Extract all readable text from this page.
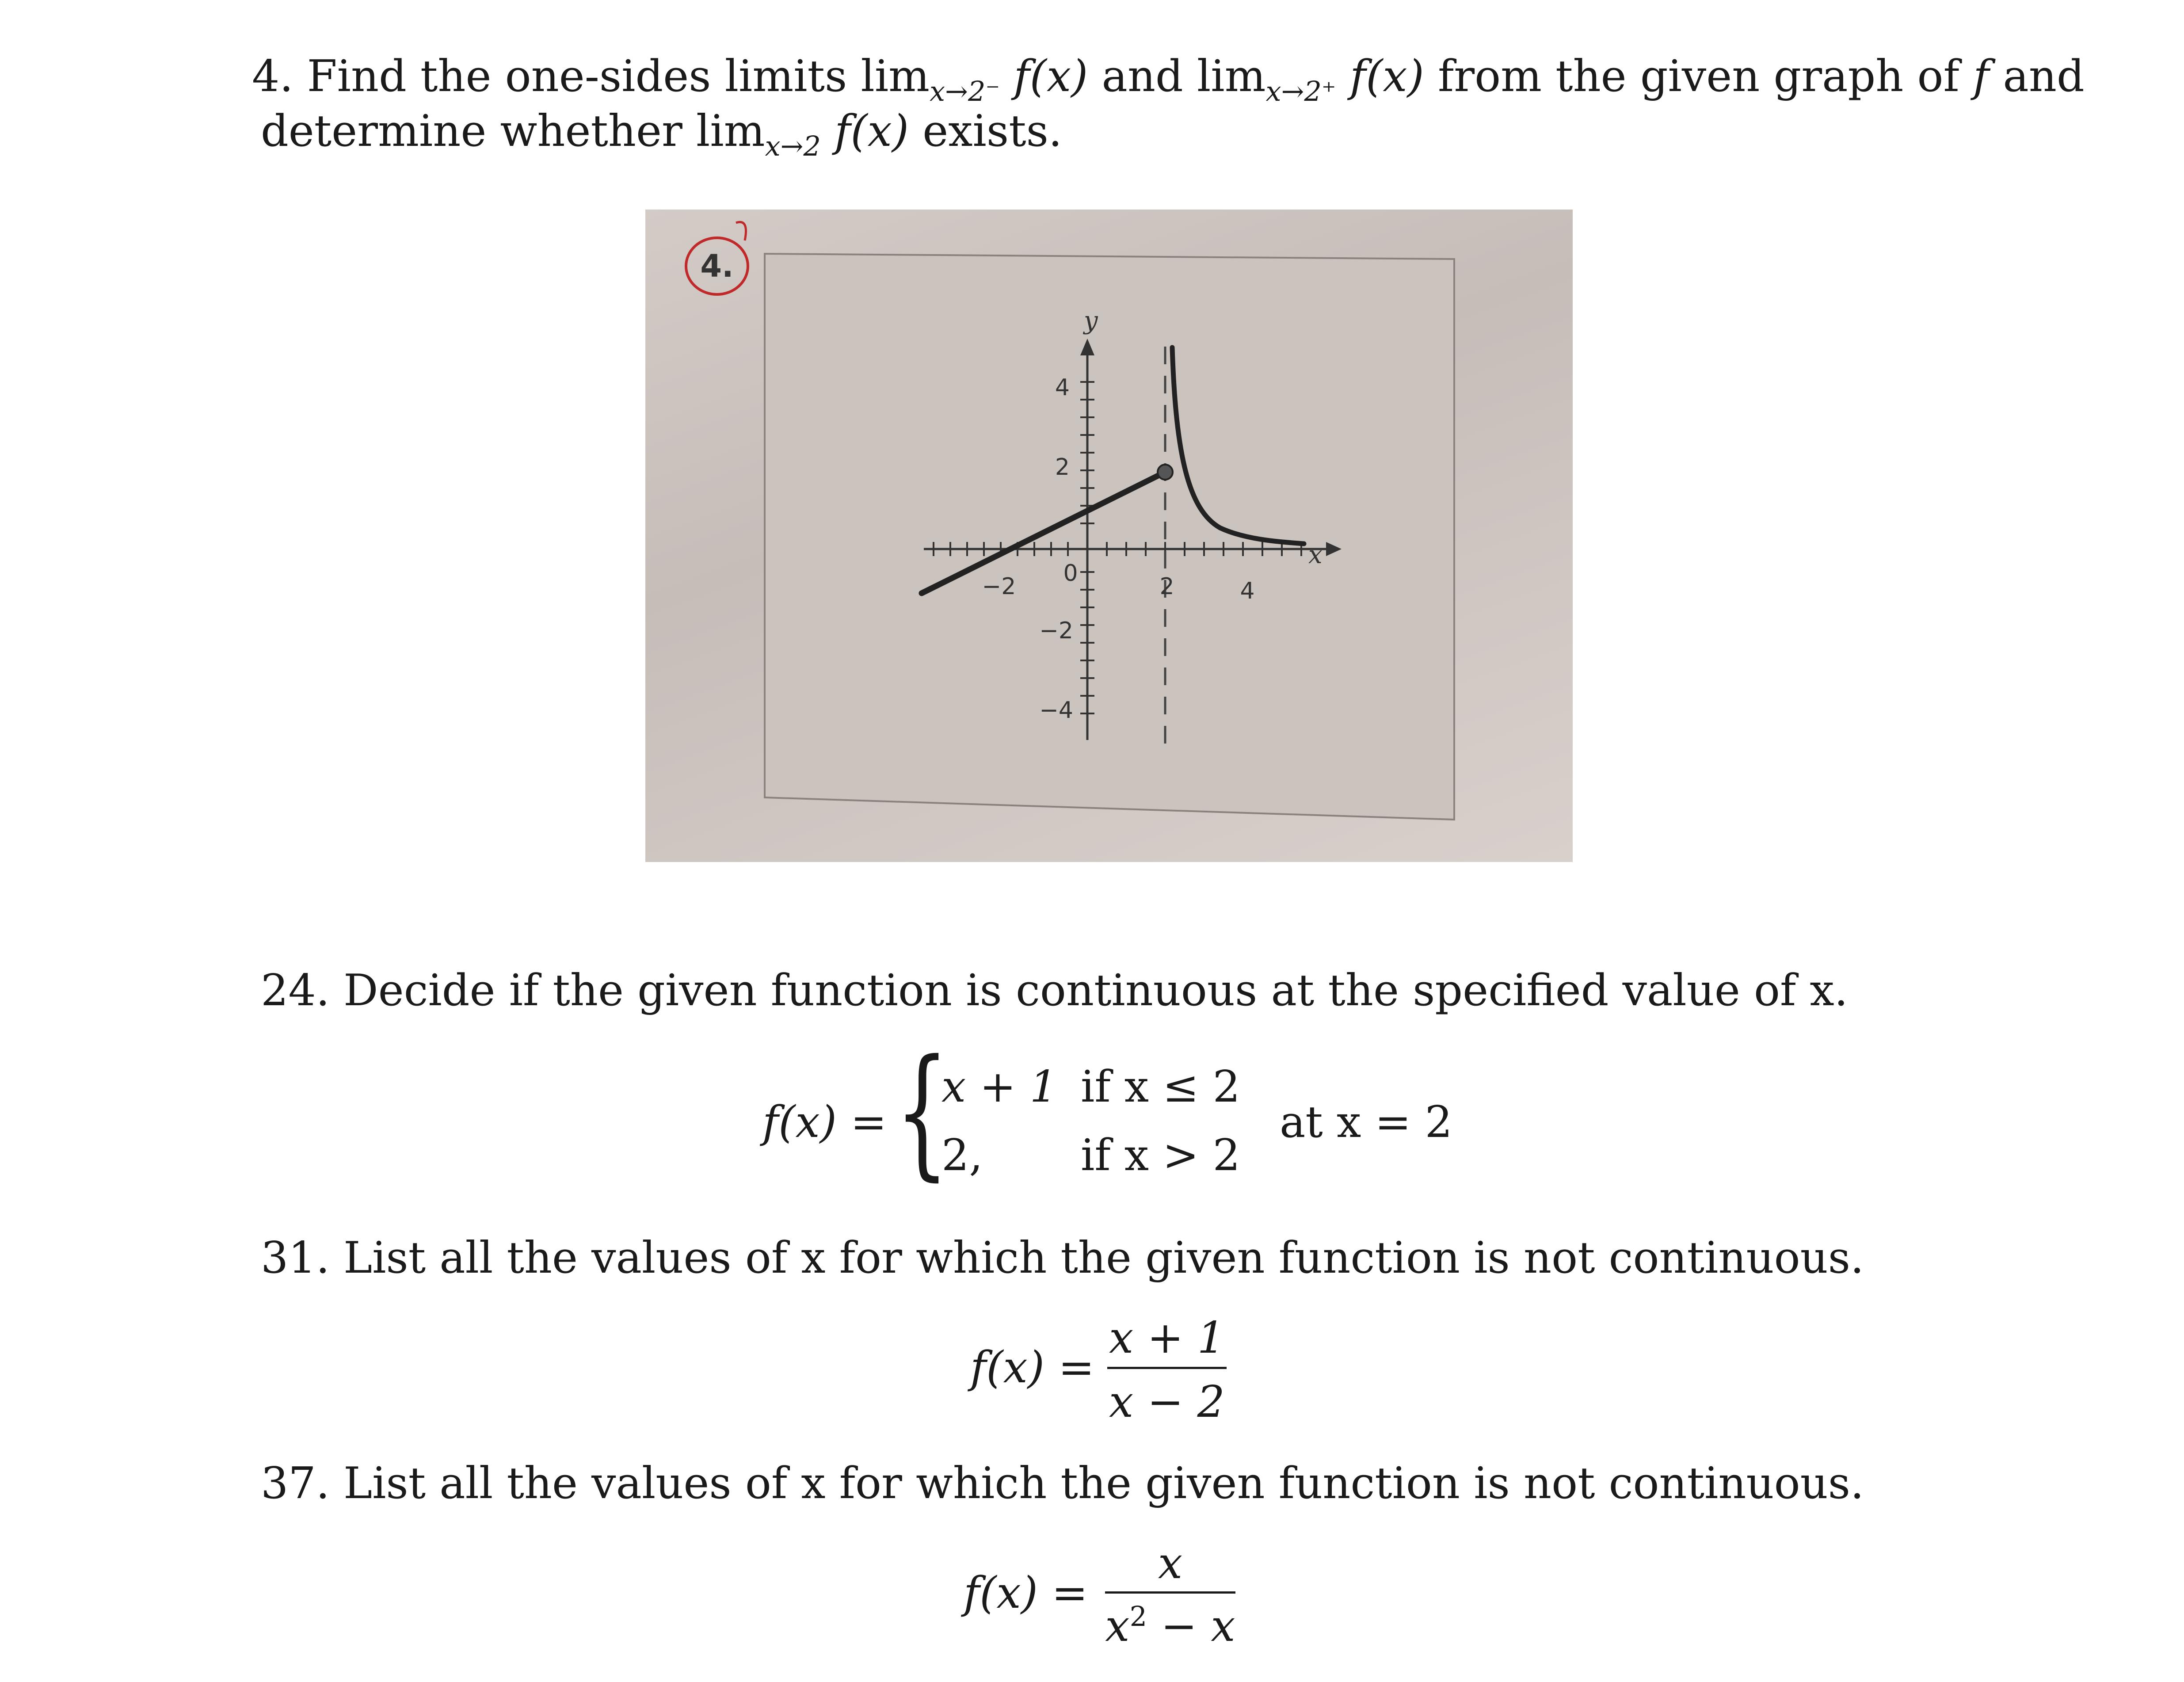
4. Find the one-sides limits $\lim_{x\to 2^-} f(x)$ and $\lim_{x\to 2^+} f(x)$ from the given graph of f and
determine whether $\lim_{x\to 2} f(x)$ exists.
4.
y
x
−2 0	2	4
4
2
−2
−4
24. Decide if the given function is continuous at the specified value of x.
f(x) = {
x + 1 if x ≤ 2
2, if x > 2
at x = 2
31. List all the values of x for which the given function is not continuous.
f(x) =
x + 1
x − 2
37. List all the values of x for which the given function is not continuous.
f(x) =
x
$x^2 - x$
